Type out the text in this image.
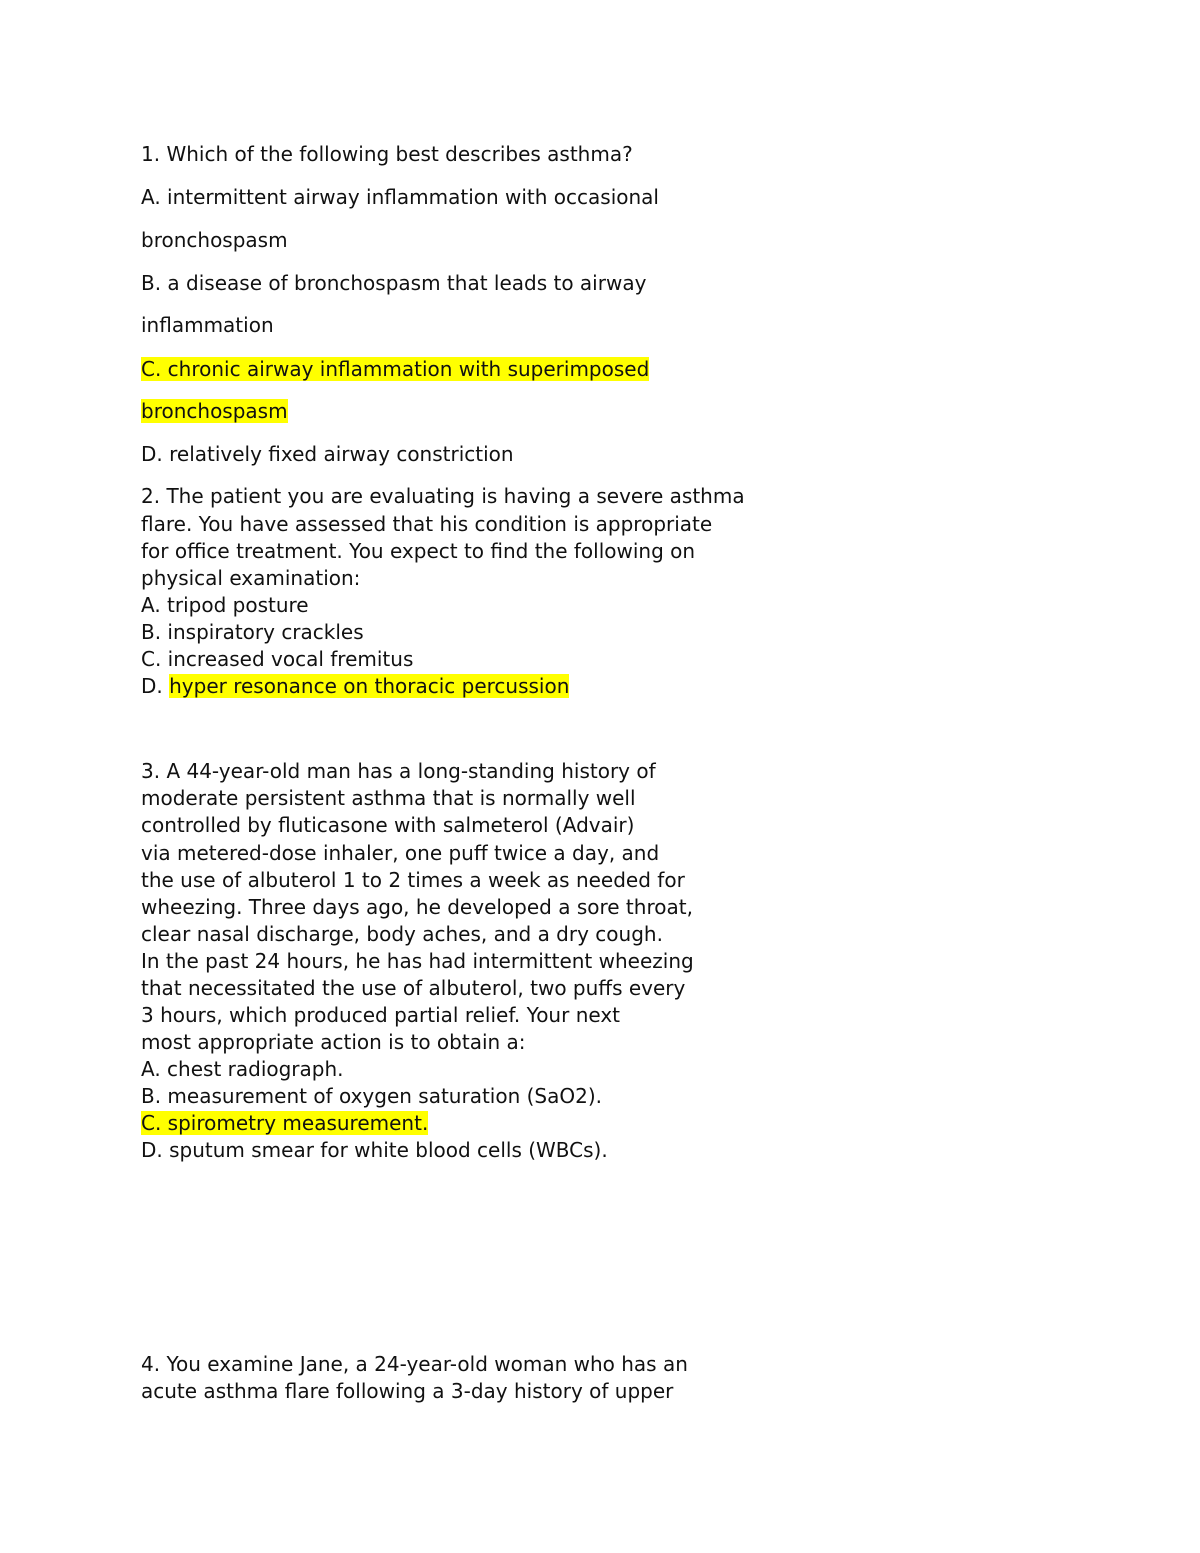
1. Which of the following best describes asthma?
A. intermittent airway inflammation with occasional
bronchospasm
B. a disease of bronchospasm that leads to airway
inflammation
C. chronic airway inflammation with superimposed
bronchospasm
D. relatively fixed airway constriction
2. The patient you are evaluating is having a severe asthma
flare. You have assessed that his condition is appropriate
for office treatment. You expect to find the following on
physical examination:
A. tripod posture
B. inspiratory crackles
C. increased vocal fremitus
D. hyper resonance on thoracic percussion
3. A 44-year-old man has a long-standing history of
moderate persistent asthma that is normally well
controlled by fluticasone with salmeterol (Advair)
via metered-dose inhaler, one puff twice a day, and
the use of albuterol 1 to 2 times a week as needed for
wheezing. Three days ago, he developed a sore throat,
clear nasal discharge, body aches, and a dry cough.
In the past 24 hours, he has had intermittent wheezing
that necessitated the use of albuterol, two puffs every
3 hours, which produced partial relief. Your next
most appropriate action is to obtain a:
A. chest radiograph.
B. measurement of oxygen saturation (SaO2).
C. spirometry measurement.
D. sputum smear for white blood cells (WBCs).
4. You examine Jane, a 24-year-old woman who has an
acute asthma flare following a 3-day history of upper
